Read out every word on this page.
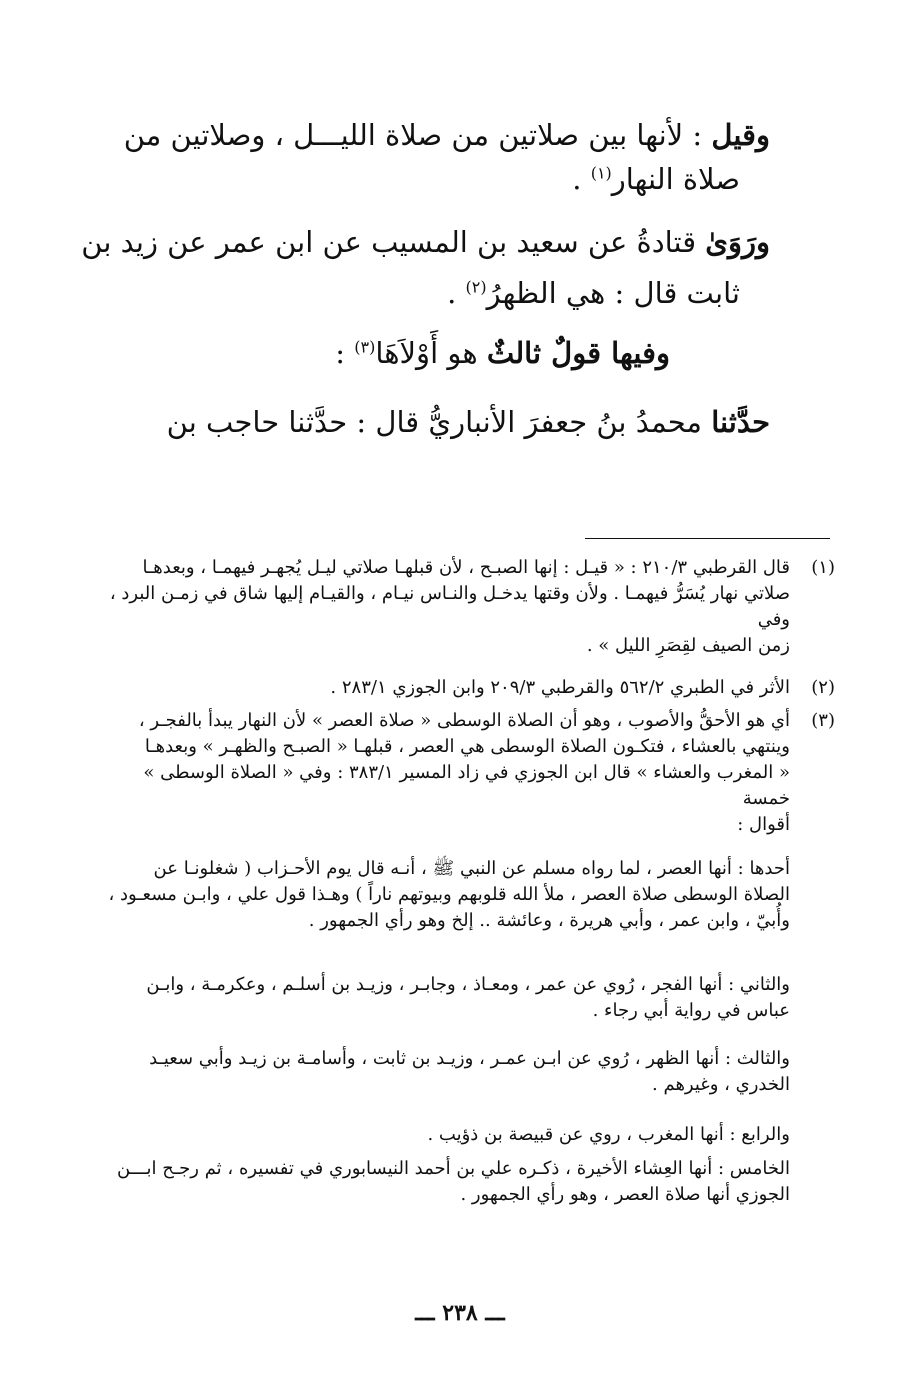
وقيل : لأنها بين صلاتين من صلاة الليـــل ، وصلاتين من

صلاة النهار$^{(١)}$ .

ورَوَىٰ قتادةُ عن سعيد بن المسيب عن ابن عمر عن زيد بن

ثابت قال : هي الظهرُ$^{(٢)}$ .

وفيها قولٌ ثالثٌ هو أَوْلاَهَا$^{(٣)}$ :

حدَّثنا محمدُ بنُ جعفرَ الأنباريُّ قال : حدَّثنا حاجب بن

(١)

قال القرطبي ٢١٠/٣ : « قيـل : إنها الصبـح ، لأن قبلهـا صلاتي ليـل يُجهـر فيهمـا ، وبعدهـا

صلاتي نهار يُسَرُّ فيهمـا . ولأن وقتها يدخـل والنـاس نيـام ، والقيـام إليها شاق في زمـن البرد ، وفي

زمن الصيف لقِصَرِ الليل » .

(٢)

الأثر في الطبري ٥٦٢/٢ والقرطبي ٢٠٩/٣ وابن الجوزي ٢٨٣/١ .

(٣)

أي هو الأحقُّ والأصوب ، وهو أن الصلاة الوسطى « صلاة العصر » لأن النهار يبدأ بالفجـر ،

وينتهي بالعشاء ، فتكـون الصلاة الوسطى هي العصر ، قبلهـا « الصبـح والظهـر » وبعدهـا

« المغرب والعشاء » قال ابن الجوزي في زاد المسير ٣٨٣/١ : وفي « الصلاة الوسطى » خمسة

أقوال :

أحدها : أنها العصر ، لما رواه مسلم عن النبي ﷺ ، أنـه قال يوم الأحـزاب ( شغلونـا عن

الصلاة الوسطى صلاة العصر ، ملأ الله قلوبهم وبيوتهم ناراً ) وهـذا قول علي ، وابـن مسعـود ،

وأُبيّ ، وابن عمر ، وأبي هريرة ، وعائشة .. إلخ وهو رأي الجمهور .

والثاني : أنها الفجر ، رُوي عن عمر ، ومعـاذ ، وجابـر ، وزيـد بن أسلـم ، وعكرمـة ، وابـن

عباس في رواية أبي رجاء .

والثالث : أنها الظهر ، رُوي عن ابـن عمـر ، وزيـد بن ثابت ، وأسامـة بن زيـد وأبي سعيـد

الخدري ، وغيرهم .

والرابع : أنها المغرب ، روي عن قبيصة بن ذؤيب .

الخامس : أنها العِشاء الأخيرة ، ذكـره علي بن أحمد النيسابوري في تفسيره ، ثم رجـح ابـــن

الجوزي أنها صلاة العصر ، وهو رأي الجمهور .

ـــ ٢٣٨ ـــ
